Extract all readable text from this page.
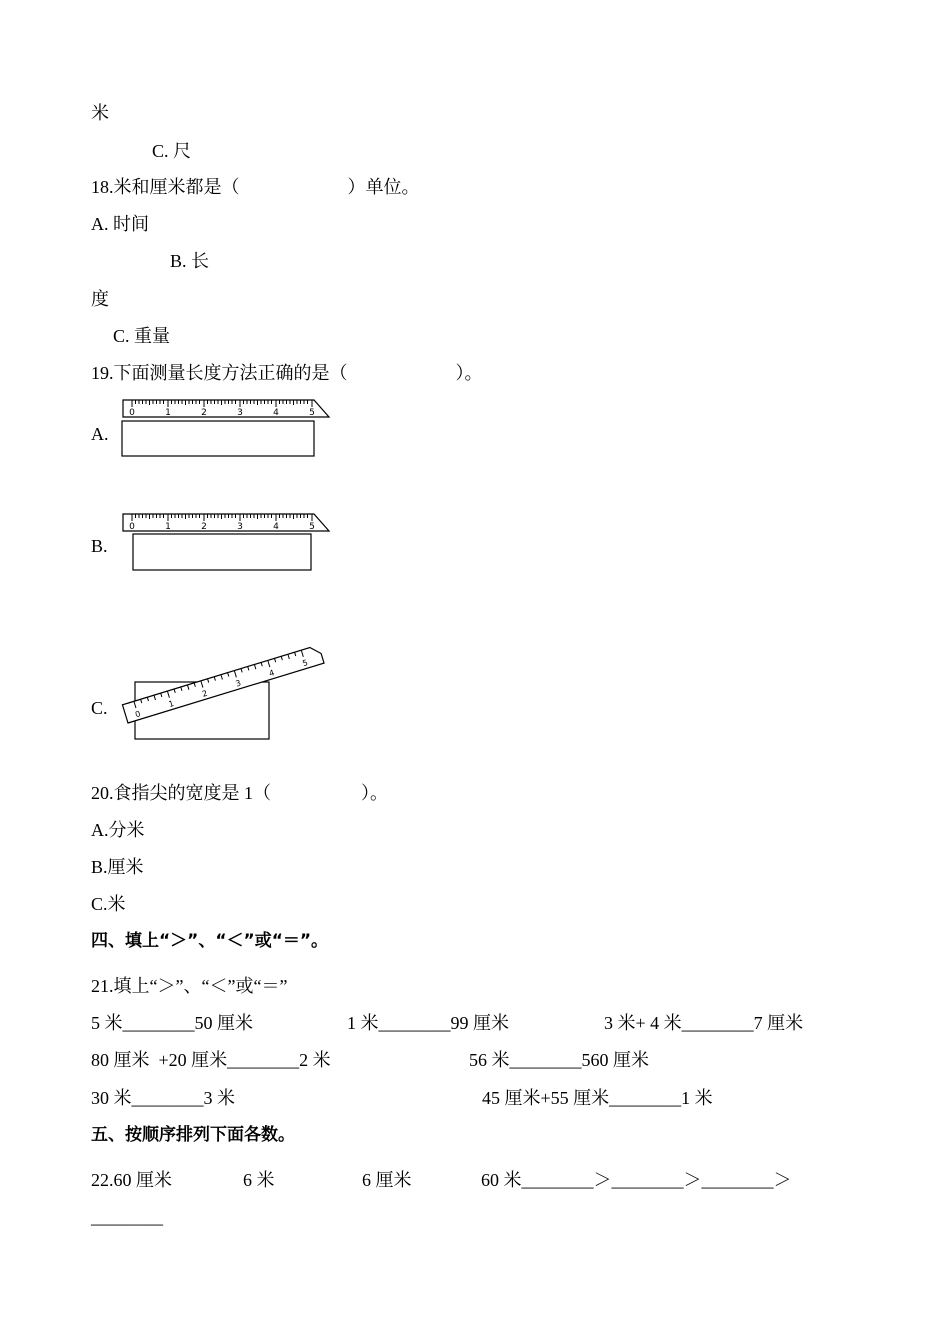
米
C. 尺
18.米和厘米都是（　　　　　　）单位。
A. 时间
B. 长
度
C. 重量
19.下面测量长度方法正确的是（　　　　　　）。
A.
0	1	2	3	4	5
B.
0	1	2	3	4	5
C.	0
1
2
3
4
5
20.食指尖的宽度是 1（　　　　　）。
A.分米
B.厘米
C.米
四、填上“＞”、“＜”或“＝”。
21.填上“＞”、“＜”或“＝”
5 米________50 厘米	1 米________99 厘米	3 米+ 4 米________7 厘米
80 厘米  +20 厘米________2 米	56 米________560 厘米
30 米________3 米	45 厘米+55 厘米________1 米
五、按顺序排列下面各数。
22.60 厘米	6 米	6 厘米	60 米________＞________＞________＞
________
